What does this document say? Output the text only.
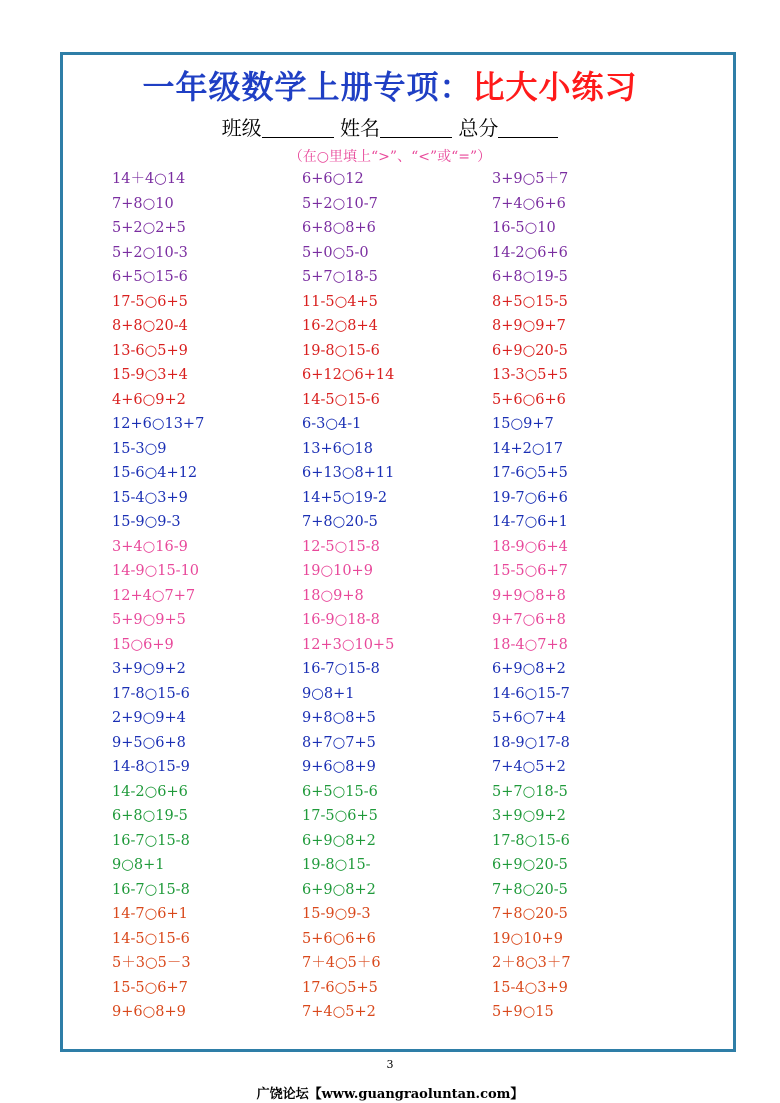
一年级数学上册专项：比大小练习
班级	姓名	总分
（在○里填上“>”、“<”或“=”）
14＋4○14	6+6○12	3+9○5＋7
7+8○10	5+2○10-7	7+4○6+6
5+2○2+5	6+8○8+6	16-5○10
5+2○10-3	5+0○5-0	14-2○6+6
6+5○15-6	5+7○18-5	6+8○19-5
17-5○6+5	11-5○4+5	8+5○15-5
8+8○20-4	16-2○8+4	8+9○9+7
13-6○5+9	19-8○15-6	6+9○20-5
15-9○3+4	6+12○6+14	13-3○5+5
4+6○9+2	14-5○15-6	5+6○6+6
12+6○13+7	6-3○4-1	15○9+7
15-3○9	13+6○18	14+2○17
15-6○4+12	6+13○8+11	17-6○5+5
15-4○3+9	14+5○19-2	19-7○6+6
15-9○9-3	7+8○20-5	14-7○6+1
3+4○16-9	12-5○15-8	18-9○6+4
14-9○15-10	19○10+9	15-5○6+7
12+4○7+7	18○9+8	9+9○8+8
5+9○9+5	16-9○18-8	9+7○6+8
15○6+9	12+3○10+5	18-4○7+8
3+9○9+2	16-7○15-8	6+9○8+2
17-8○15-6	9○8+1	14-6○15-7
2+9○9+4	9+8○8+5	5+6○7+4
9+5○6+8	8+7○7+5	18-9○17-8
14-8○15-9	9+6○8+9	7+4○5+2
14-2○6+6	6+5○15-6	5+7○18-5
6+8○19-5	17-5○6+5	3+9○9+2
16-7○15-8	6+9○8+2	17-8○15-6
9○8+1	19-8○15-	6+9○20-5
16-7○15-8	6+9○8+2	7+8○20-5
14-7○6+1	15-9○9-3	7+8○20-5
14-5○15-6	5+6○6+6	19○10+9
5＋3○5－3	7＋4○5＋6	2＋8○3＋7
15-5○6+7	17-6○5+5	15-4○3+9
9+6○8+9	7+4○5+2	5+9○15
3
广饶论坛【www.guangraoluntan.com】
